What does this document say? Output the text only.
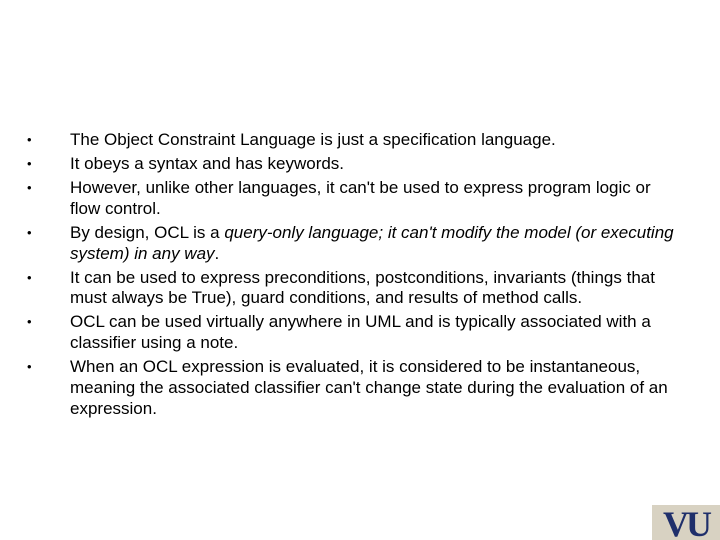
• The Object Constraint Language is just a specification language.
• It obeys a syntax and has keywords.
• However, unlike other languages, it can't be used to express program logic or flow control.
• By design, OCL is a query-only language; it can't modify the model (or executing system) in any way.
• It can be used to express preconditions, postconditions, invariants (things that must always be True), guard conditions, and results of method calls.
• OCL can be used virtually anywhere in UML and is typically associated with a classifier using a note.
• When an OCL expression is evaluated, it is considered to be instantaneous, meaning the associated classifier can't change state during the evaluation of an expression.
VU
